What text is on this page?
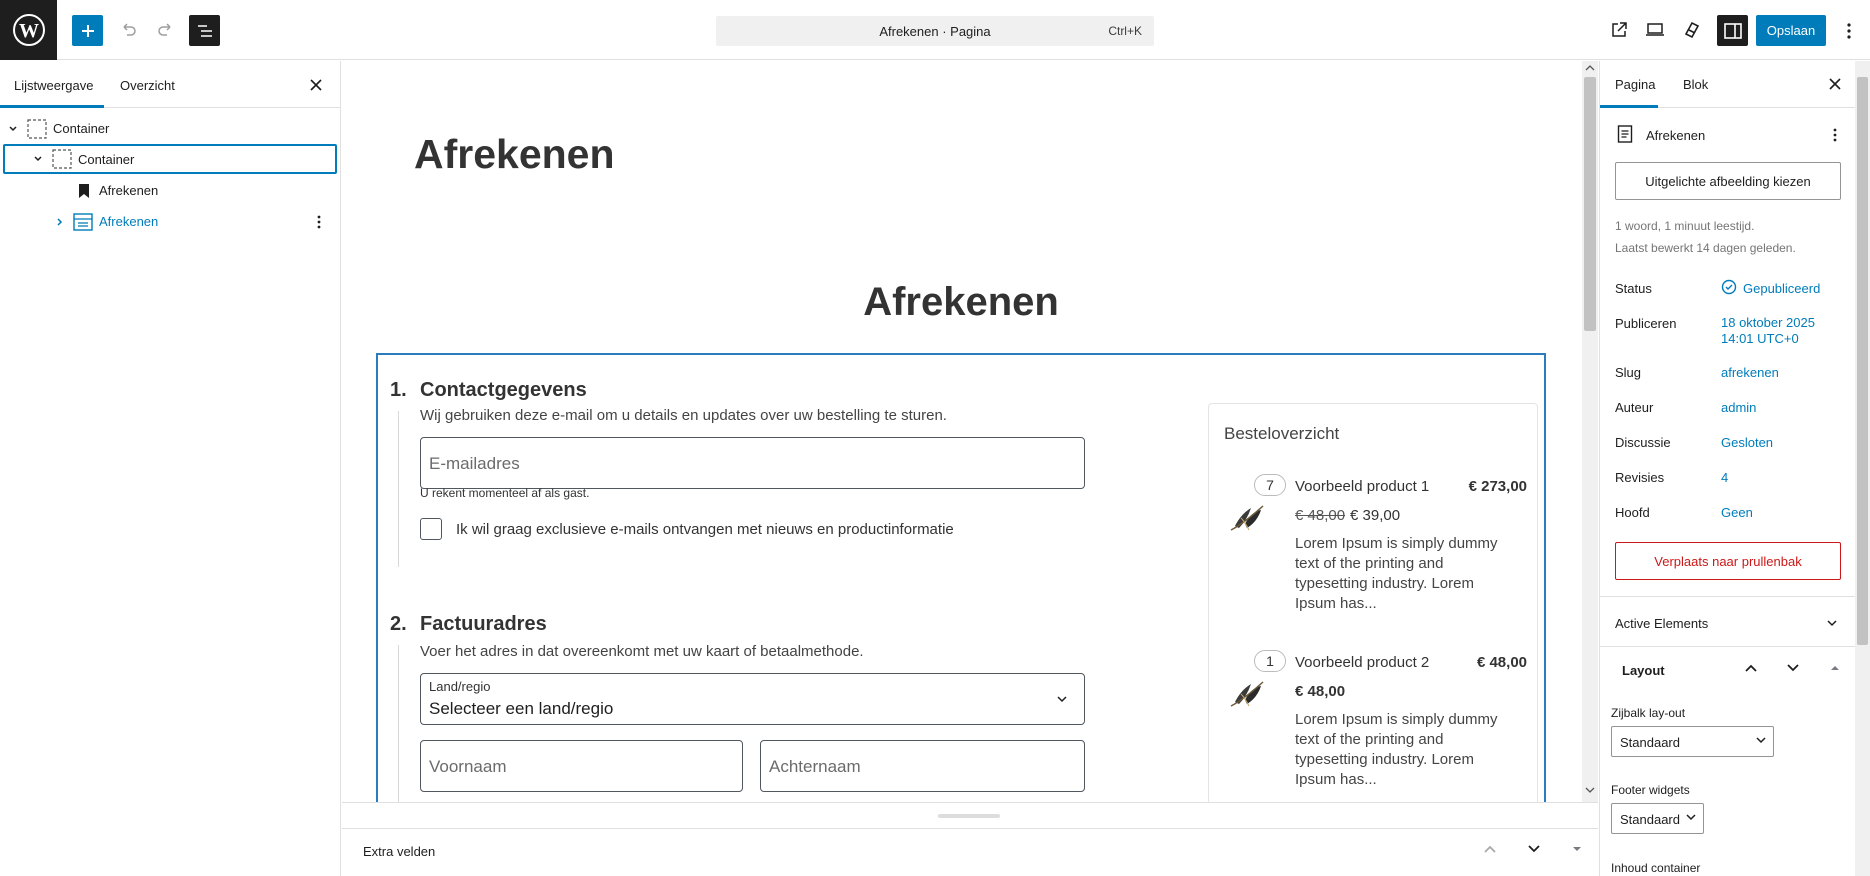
W	Afrekenen · Pagina	Ctrl+K	Opslaan
Lijstweergave Overzicht
Container
Container
Afrekenen
Afrekenen
Afrekenen
Afrekenen
1. Contactgegevens
Wij gebruiken deze e-mail om u details en updates over uw bestelling te sturen.
E-mailadres
U rekent momenteel af als gast.
Ik wil graag exclusieve e-mails ontvangen met nieuws en productinformatie
2. Factuuradres
Voer het adres in dat overeenkomt met uw kaart of betaalmethode.
Land/regio
Selecteer een land/regio
Voornaam	Achternaam
Besteloverzicht
7	Voorbeeld product 1	€ 273,00
€ 48,00 € 39,00
Lorem Ipsum is simply dummy text of the printing and typesetting industry. Lorem Ipsum has...
1	Voorbeeld product 2	€ 48,00
€ 48,00
Lorem Ipsum is simply dummy text of the printing and typesetting industry. Lorem Ipsum has...
Extra velden
Pagina Blok
Afrekenen
Uitgelichte afbeelding kiezen
1 woord, 1 minuut leestijd.
Laatst bewerkt 14 dagen geleden.
Status	Gepubliceerd
Publiceren	18 oktober 2025
14:01 UTC+0
Slug	afrekenen
Auteur	admin
Discussie	Gesloten
Revisies	4
Hoofd	Geen
Verplaats naar prullenbak
Active Elements
Layout
Zijbalk lay-out
Standaard
Footer widgets
Standaard
Inhoud container
